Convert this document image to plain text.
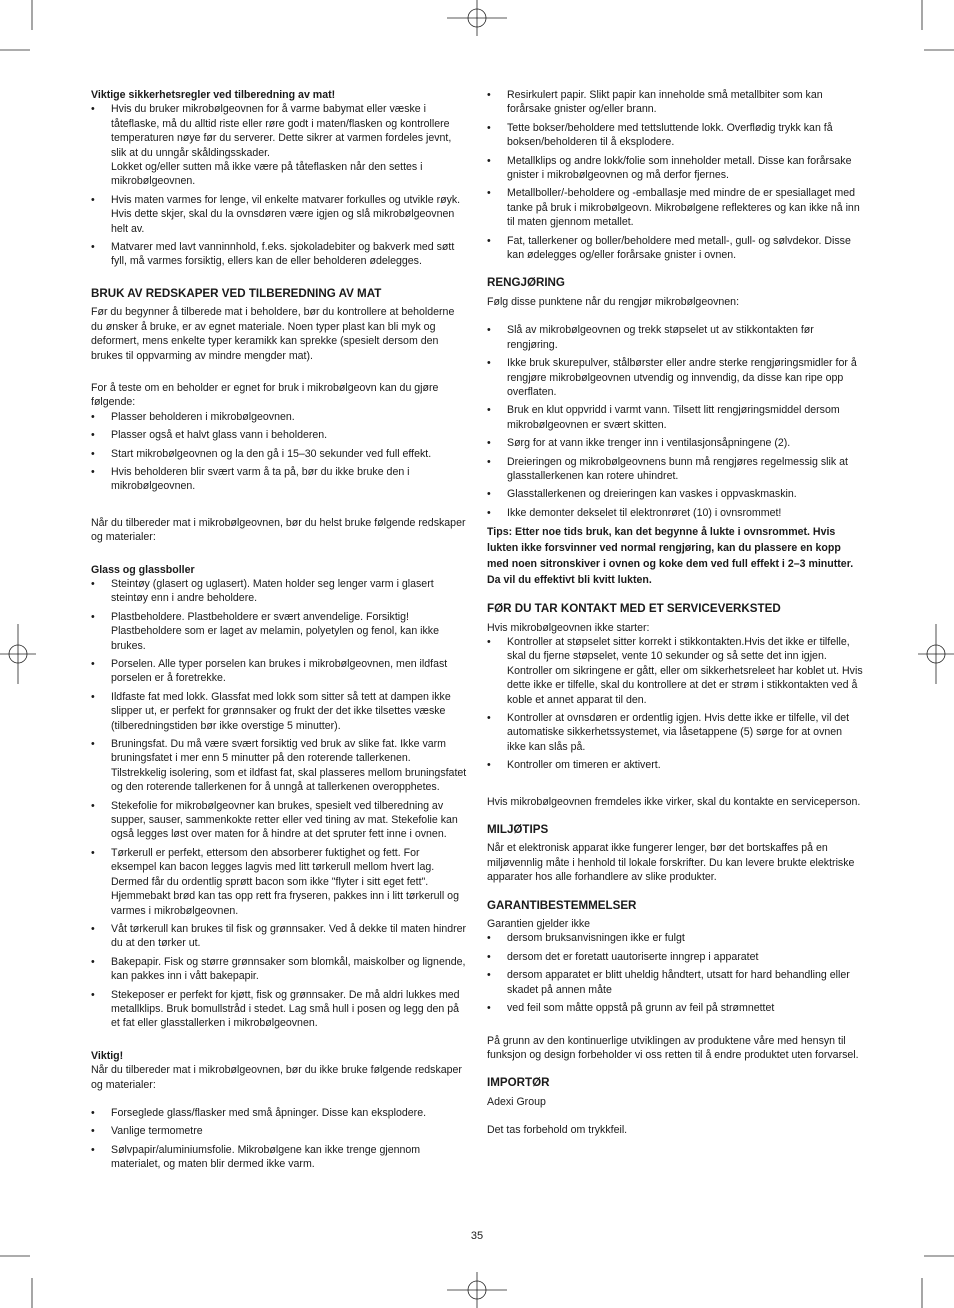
Viktige sikkerhetsregler ved tilberedning av mat!

• Hvis du bruker mikrobølgeovnen for å varme babymat eller væske i tåteflaske, må du alltid riste eller røre godt i maten/flasken og kontrollere temperaturen nøye før du serverer. Dette sikrer at varmen fordeles jevnt, slik at du unngår skåldingsskader.

Lokket og/eller sutten må ikke være på tåteflasken når den settes i mikrobølgeovnen.

• Hvis maten varmes for lenge, vil enkelte matvarer forkulles og utvikle røyk. Hvis dette skjer, skal du la ovnsdøren være igjen og slå mikrobølgeovnen helt av.
• Matvarer med lavt vanninnhold, f.eks. sjokoladebiter og bakverk med søtt fyll, må varmes forsiktig, ellers kan de eller beholderen ødelegges.
BRUK AV REDSKAPER VED TILBEREDNING AV MAT

Før du begynner å tilberede mat i beholdere, bør du kontrollere at beholderne du ønsker å bruke, er av egnet materiale. Noen typer plast kan bli myk og deformert, mens enkelte typer keramikk kan sprekke (spesielt dersom den brukes til oppvarming av mindre mengder mat).

For å teste om en beholder er egnet for bruk i mikrobølgeovn kan du gjøre følgende:

• Plasser beholderen i mikrobølgeovnen.
• Plasser også et halvt glass vann i beholderen.
• Start mikrobølgeovnen og la den gå i 15–30 sekunder ved full effekt.
• Hvis beholderen blir svært varm å ta på, bør du ikke bruke den i mikrobølgeovnen.

Når du tilbereder mat i mikrobølgeovnen, bør du helst bruke følgende redskaper og materialer:

Glass og glassboller
• Steintøy (glasert og uglasert). Maten holder seg lenger varm i glasert steintøy enn i andre beholdere.
• Plastbeholdere. Plastbeholdere er svært anvendelige. Forsiktig! Plastbeholdere som er laget av melamin, polyetylen og fenol, kan ikke brukes.
• Porselen. Alle typer porselen kan brukes i mikrobølgeovnen, men ildfast porselen er å foretrekke.
• Ildfaste fat med lokk. Glassfat med lokk som sitter så tett at dampen ikke slipper ut, er perfekt for grønnsaker og frukt der det ikke tilsettes væske (tilberedningstiden bør ikke overstige 5 minutter).
• Bruningsfat. Du må være svært forsiktig ved bruk av slike fat. Ikke varm bruningsfatet i mer enn 5 minutter på den roterende tallerkenen. Tilstrekkelig isolering, som et ildfast fat, skal plasseres mellom bruningsfatet og den roterende tallerkenen for å unngå at tallerkenen overopphetes.
• Stekefolie for mikrobølgeovner kan brukes, spesielt ved tilberedning av supper, sauser, sammenkokte retter eller ved tining av mat. Stekefolie kan også legges løst over maten for å hindre at det spruter fett inne i ovnen.
• Tørkerull er perfekt, ettersom den absorberer fuktighet og fett. For eksempel kan bacon legges lagvis med litt tørkerull mellom hvert lag. Dermed får du ordentlig sprøtt bacon som ikke "flyter i sitt eget fett". Hjemmebakt brød kan tas opp rett fra fryseren, pakkes inn i litt tørkerull og varmes i mikrobølgeovnen.
• Våt tørkerull kan brukes til fisk og grønnsaker. Ved å dekke til maten hindrer du at den tørker ut.
• Bakepapir. Fisk og større grønnsaker som blomkål, maiskolber og lignende, kan pakkes inn i vått bakepapir.
• Stekeposer er perfekt for kjøtt, fisk og grønnsaker. De må aldri lukkes med metallklips. Bruk bomullstråd i stedet. Lag små hull i posen og legg den på et fat eller glasstallerken i mikrobølgeovnen.
Viktig!

Når du tilbereder mat i mikrobølgeovnen, bør du ikke bruke følgende redskaper og materialer:

• Forseglede glass/flasker med små åpninger. Disse kan eksplodere.
• Vanlige termometre
• Sølvpapir/aluminiumsfolie. Mikrobølgene kan ikke trenge gjennom materialet, og maten blir dermed ikke varm.
• Resirkulert papir. Slikt papir kan inneholde små metallbiter som kan forårsake gnister og/eller brann.
• Tette bokser/beholdere med tettsluttende lokk. Overflødig trykk kan få boksen/beholderen til å eksplodere.
• Metallklips og andre lokk/folie som inneholder metall. Disse kan forårsake gnister i mikrobølgeovnen og må derfor fjernes.
• Metallboller/-beholdere og -emballasje med mindre de er spesiallaget med tanke på bruk i mikrobølgeovn. Mikrobølgene reflekteres og kan ikke nå inn til maten gjennom metallet.
• Fat, tallerkener og boller/beholdere med metall-, gull- og sølvdekor. Disse kan ødelegges og/eller forårsake gnister i ovnen.
RENGJØRING

Følg disse punktene når du rengjør mikrobølgeovnen:

• Slå av mikrobølgeovnen og trekk støpselet ut av stikkontakten før rengjøring.
• Ikke bruk skurepulver, stålbørster eller andre sterke rengjøringsmidler for å rengjøre mikrobølgeovnen utvendig og innvendig, da disse kan ripe opp overflaten.
• Bruk en klut oppvridd i varmt vann. Tilsett litt rengjøringsmiddel dersom mikrobølgeovnen er svært skitten.
• Sørg for at vann ikke trenger inn i ventilasjonsåpningene (2).
• Dreieringen og mikrobølgeovnens bunn må rengjøres regelmessig slik at glasstallerkenen kan rotere uhindret.
• Glasstallerkenen og dreieringen kan vaskes i oppvaskmaskin.
• Ikke demonter dekselet til elektronrøret (10) i ovnsrommet!

Tips: Etter noe tids bruk, kan det begynne å lukte i ovnsrommet. Hvis lukten ikke forsvinner ved normal rengjøring, kan du plassere en kopp med noen sitronskiver i ovnen og koke dem ved full effekt i 2–3 minutter. Da vil du effektivt bli kvitt lukten.

FØR DU TAR KONTAKT MED ET SERVICEVERKSTED

Hvis mikrobølgeovnen ikke starter:

• Kontroller at støpselet sitter korrekt i stikkontakten.Hvis det ikke er tilfelle, skal du fjerne støpselet, vente 10 sekunder og så sette det inn igjen. Kontroller om sikringene er gått, eller om sikkerhetsreleet har koblet ut. Hvis dette ikke er tilfelle, skal du kontrollere at det er strøm i stikkontakten ved å koble et annet apparat til den.
• Kontroller at ovnsdøren er ordentlig igjen. Hvis dette ikke er tilfelle, vil det automatiske sikkerhetssystemet, via låsetappene (5) sørge for at ovnen ikke kan slås på.
• Kontroller om timeren er aktivert.

Hvis mikrobølgeovnen fremdeles ikke virker, skal du kontakte en serviceperson.

MILJØTIPS

Når et elektronisk apparat ikke fungerer lenger, bør det bortskaffes på en miljøvennlig måte i henhold til lokale forskrifter. Du kan levere brukte elektriske apparater hos alle forhandlere av slike produkter.

GARANTIBESTEMMELSER

Garantien gjelder ikke

• dersom bruksanvisningen ikke er fulgt
• dersom det er foretatt uautoriserte inngrep i apparatet
• dersom apparatet er blitt uheldig håndtert, utsatt for hard behandling eller skadet på annen måte
• ved feil som måtte oppstå på grunn av feil på strømnettet

På grunn av den kontinuerlige utviklingen av produktene våre med hensyn til funksjon og design forbeholder vi oss retten til å endre produktet uten forvarsel.

IMPORTØR

Adexi Group

Det tas forbehold om trykkfeil.

35
